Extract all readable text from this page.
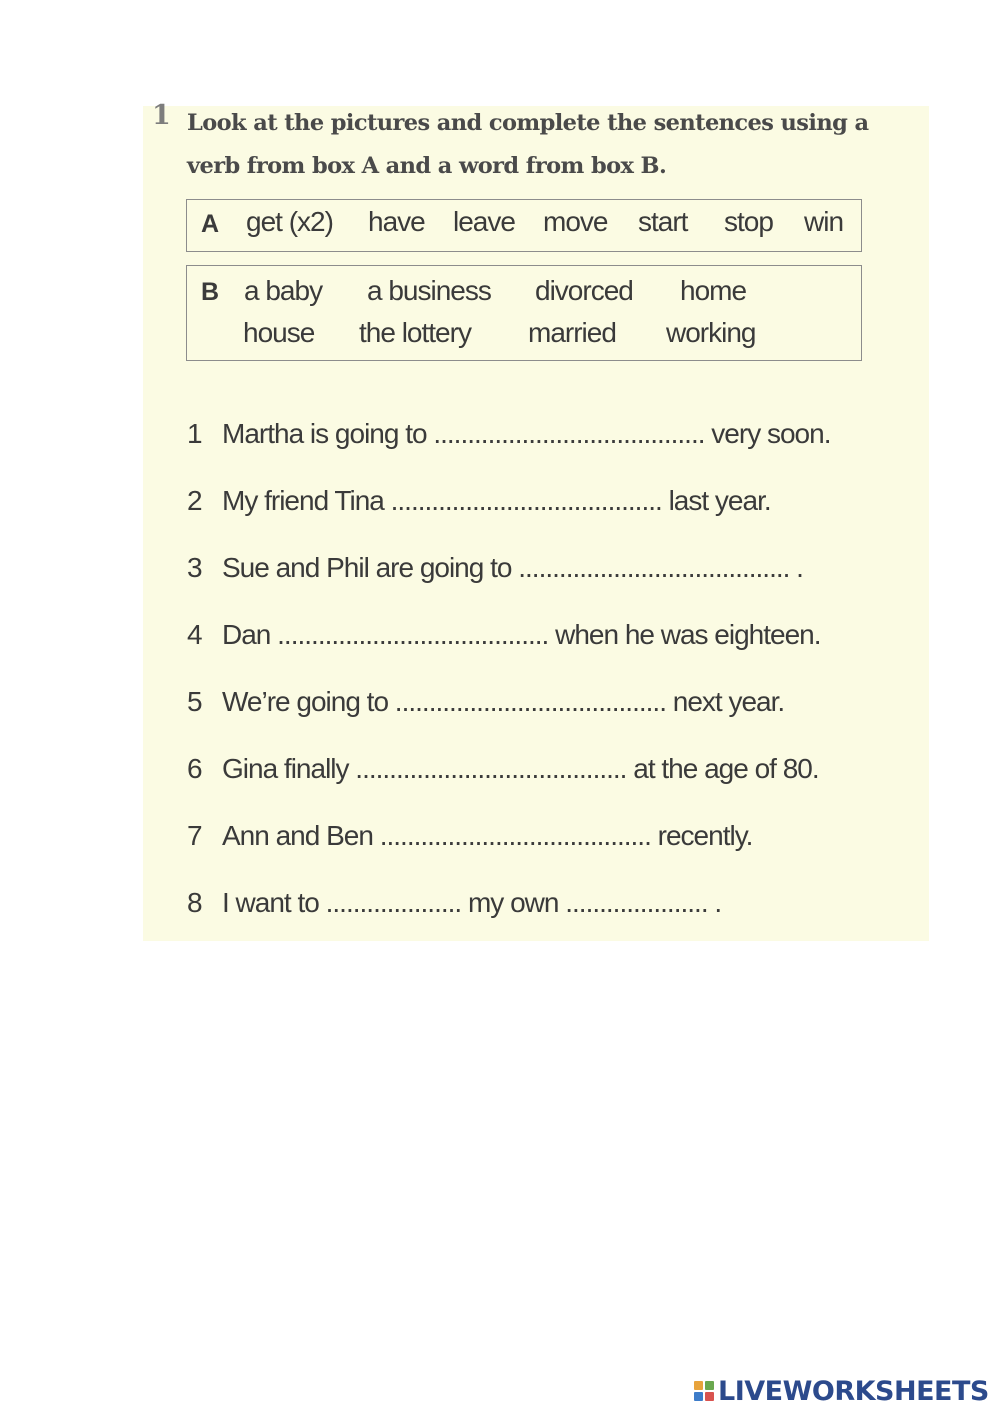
1 Look at the pictures and complete the sentences using a
verb from box A and a word from box B.
A get (x2) have leave move start stop win
B a baby a business divorced home
house the lottery married working
1 Martha is going to ........................................ very soon.
2 My friend Tina ........................................ last year.
3 Sue and Phil are going to ........................................ .
4 Dan ........................................ when he was eighteen.
5 We’re going to ........................................ next year.
6 Gina finally ........................................ at the age of 80.
7 Ann and Ben ........................................ recently.
8 I want to .................... my own ..................... .
LIVEWORKSHEETS
